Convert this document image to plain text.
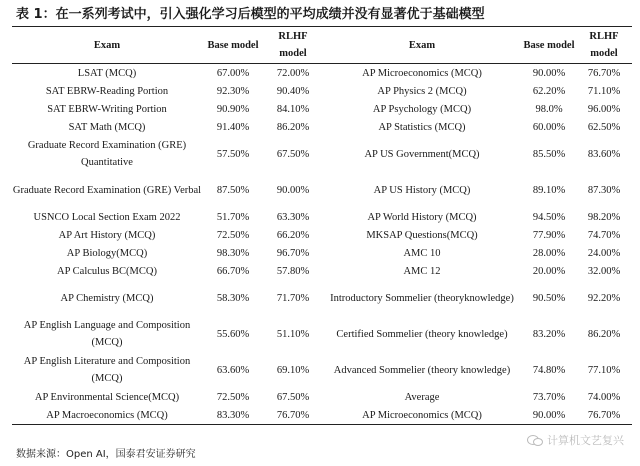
表 1：在一系列考试中，引入强化学习后模型的平均成绩并没有显著优于基础模型
Exam	Base model	RLHF model	Exam	Base model	RLHF model
LSAT (MCQ)	67.00%	72.00%	AP Microeconomics (MCQ)	90.00%	76.70%
SAT EBRW-Reading Portion	92.30%	90.40%	AP Physics 2 (MCQ)	62.20%	71.10%
SAT EBRW-Writing Portion	90.90%	84.10%	AP Psychology (MCQ)	98.0%	96.00%
SAT Math (MCQ)	91.40%	86.20%	AP Statistics (MCQ)	60.00%	62.50%
Graduate Record Examination (GRE) Quantitative	57.50%	67.50%	AP US Government(MCQ)	85.50%	83.60%
Graduate Record Examination (GRE) Verbal	87.50%	90.00%	AP US History (MCQ)	89.10%	87.30%
USNCO Local Section Exam 2022	51.70%	63.30%	AP World History (MCQ)	94.50%	98.20%
AP Art History (MCQ)	72.50%	66.20%	MKSAP Questions(MCQ)	77.90%	74.70%
AP Biology(MCQ)	98.30%	96.70%	AMC 10	28.00%	24.00%
AP Calculus BC(MCQ)	66.70%	57.80%	AMC 12	20.00%	32.00%
AP Chemistry (MCQ)	58.30%	71.70%	Introductory Sommelier (theoryknowledge)	90.50%	92.20%
AP English Language and Composition (MCQ)	55.60%	51.10%	Certified Sommelier (theory knowledge)	83.20%	86.20%
AP English Literature and Composition (MCQ)	63.60%	69.10%	Advanced Sommelier (theory knowledge)	74.80%	77.10%
AP Environmental Science(MCQ)	72.50%	67.50%	Average	73.70%	74.00%
AP Macroeconomics (MCQ)	83.30%	76.70%	AP Microeconomics (MCQ)	90.00%	76.70%
数据来源：Open AI，国泰君安证券研究
计算机文艺复兴
